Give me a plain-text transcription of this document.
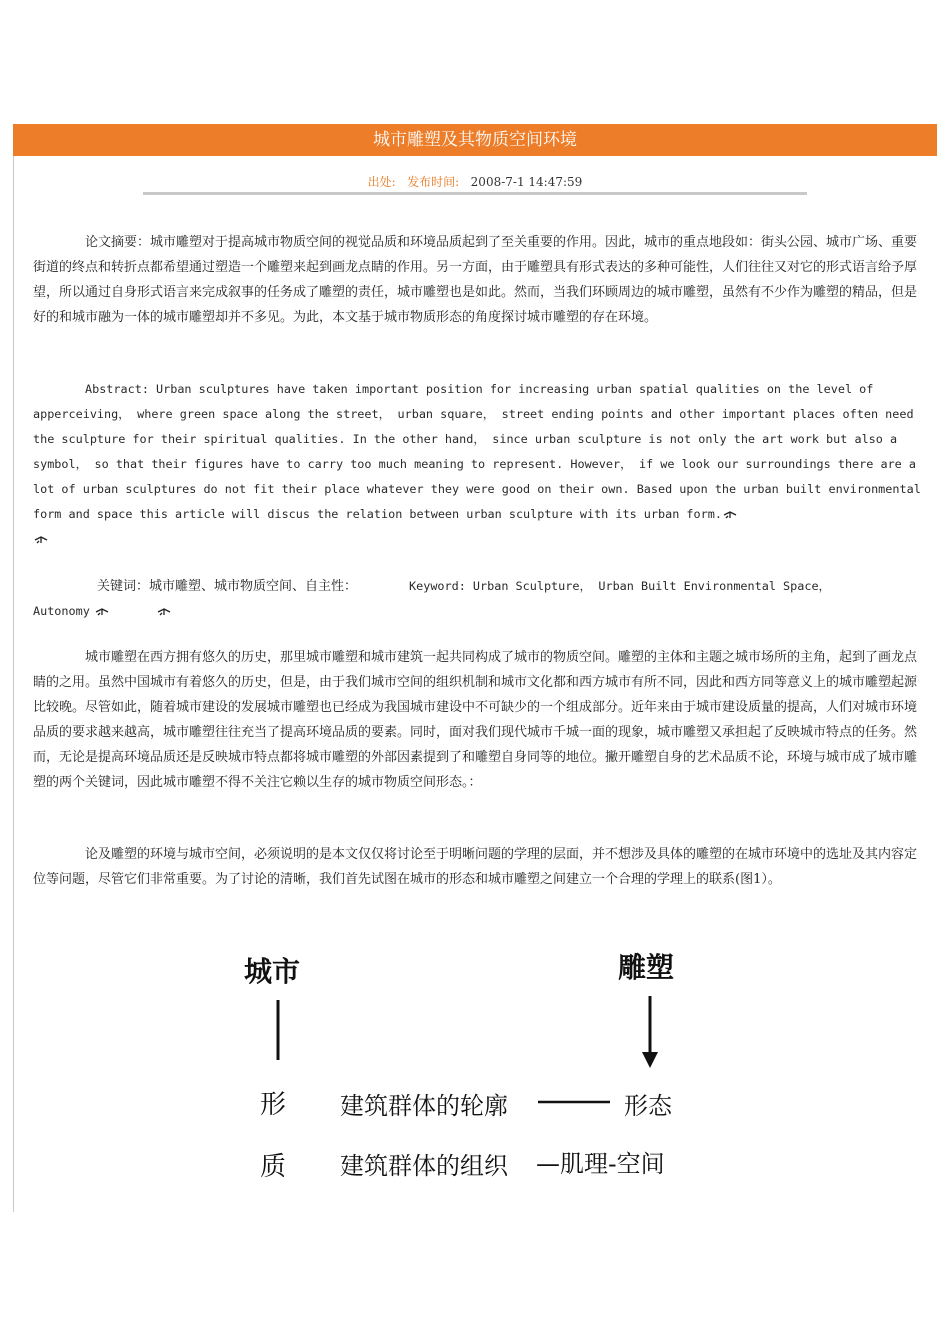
城市雕塑及其物质空间环境
出处: 发布时间: 2008-7-1 14:47:59
论文摘要：城市雕塑对于提高城市物质空间的视觉品质和环境品质起到了至关重要的作用。因此，城市的重点地段如：街头公园、城市广场、重要街道的终点和转折点都希望通过塑造一个雕塑来起到画龙点睛的作用。另一方面，由于雕塑具有形式表达的多种可能性，人们往往又对它的形式语言给予厚望，所以通过自身形式语言来完成叙事的任务成了雕塑的责任，城市雕塑也是如此。然而，当我们环顾周边的城市雕塑，虽然有不少作为雕塑的精品，但是好的和城市融为一体的城市雕塑却并不多见。为此，本文基于城市物质形态的角度探讨城市雕塑的存在环境。
Abstract: Urban sculptures have taken important position for increasing urban spatial qualities on the level of apperceiving， where green space along the street， urban square， street ending points and other important places often need the sculpture for their spiritual qualities. In the other hand， since urban sculpture is not only the art work but also a symbol， so that their figures have to carry too much meaning to represent. However， if we look our surroundings there are a lot of urban sculptures do not fit their place whatever they were good on their own. Based upon the urban built environmental form and space this article will discus the relation between urban sculpture with its urban form.

关键词：城市雕塑、城市物质空间、自主性：	Keyword: Urban Sculpture， Urban Built Environmental Space，
Autonomy
城市雕塑在西方拥有悠久的历史，那里城市雕塑和城市建筑一起共同构成了城市的物质空间。雕塑的主体和主题之城市场所的主角，起到了画龙点睛的之用。虽然中国城市有着悠久的历史，但是，由于我们城市空间的组织机制和城市文化都和西方城市有所不同，因此和西方同等意义上的城市雕塑起源比较晚。尽管如此，随着城市建设的发展城市雕塑也已经成为我国城市建设中不可缺少的一个组成部分。近年来由于城市建设质量的提高，人们对城市环境品质的要求越来越高，城市雕塑往往充当了提高环境品质的要素。同时，面对我们现代城市千城一面的现象，城市雕塑又承担起了反映城市特点的任务。然而，无论是提高环境品质还是反映城市特点都将城市雕塑的外部因素提到了和雕塑自身同等的地位。撇开雕塑自身的艺术品质不论，环境与城市成了城市雕塑的两个关键词，因此城市雕塑不得不关注它赖以生存的城市物质空间形态。：
论及雕塑的环境与城市空间，必须说明的是本文仅仅将讨论至于明晰问题的学理的层面，并不想涉及具体的雕塑的在城市环境中的选址及其内容定位等问题，尽管它们非常重要。为了讨论的清晰，我们首先试图在城市的形态和城市雕塑之间建立一个合理的学理上的联系(图1）。
城市	雕塑
形 建筑群体的轮廓	形态
质 建筑群体的组织 —肌理-空间
